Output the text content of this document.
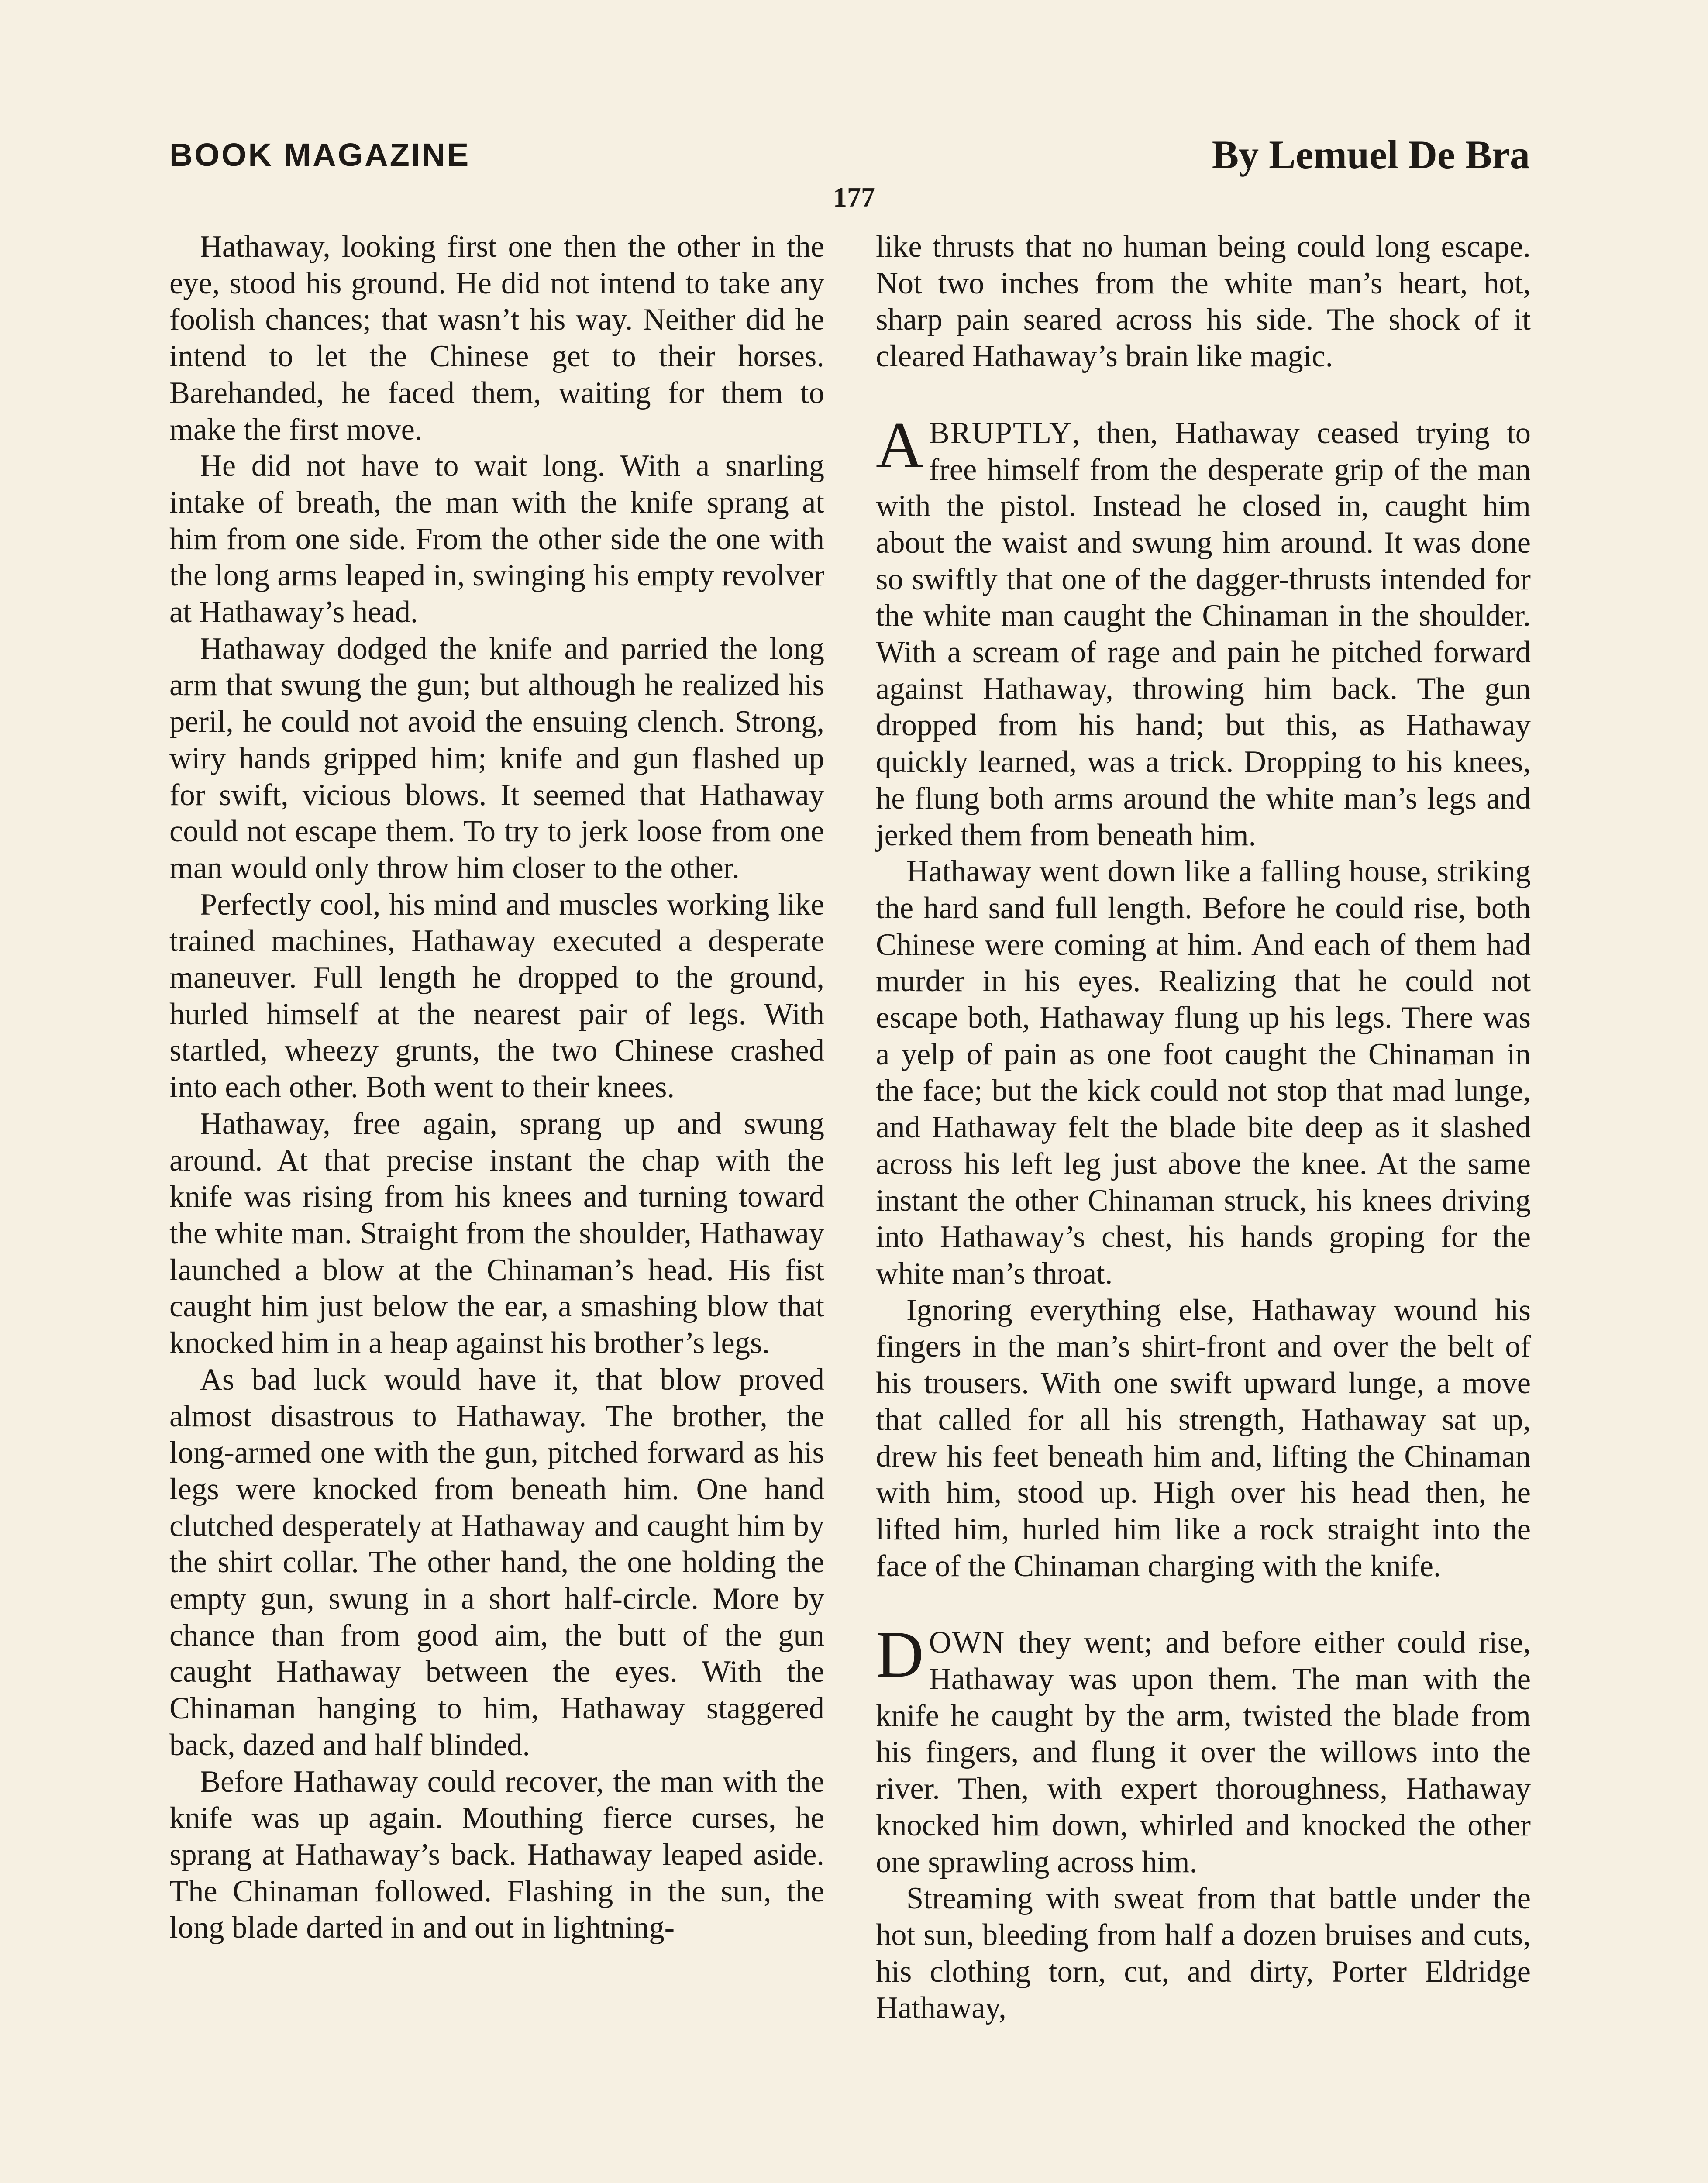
BOOK MAGAZINE	By Lemuel De Bra
177

Hathaway, looking first one then the other in the eye, stood his ground. He did not intend to take any foolish chances; that wasn’t his way. Neither did he intend to let the Chinese get to their horses. Barehanded, he faced them, waiting for them to make the first move.

He did not have to wait long. With a snarling intake of breath, the man with the knife sprang at him from one side. From the other side the one with the long arms leaped in, swinging his empty revolver at Hathaway’s head.

Hathaway dodged the knife and parried the long arm that swung the gun; but although he realized his peril, he could not avoid the ensuing clench. Strong, wiry hands gripped him; knife and gun flashed up for swift, vicious blows. It seemed that Hathaway could not escape them. To try to jerk loose from one man would only throw him closer to the other.

Perfectly cool, his mind and muscles working like trained machines, Hathaway executed a desperate maneuver. Full length he dropped to the ground, hurled himself at the nearest pair of legs. With startled, wheezy grunts, the two Chinese crashed into each other. Both went to their knees.

Hathaway, free again, sprang up and swung around. At that precise instant the chap with the knife was rising from his knees and turning toward the white man. Straight from the shoulder, Hathaway launched a blow at the Chinaman’s head. His fist caught him just below the ear, a smashing blow that knocked him in a heap against his brother’s legs.

As bad luck would have it, that blow proved almost disastrous to Hathaway. The brother, the long-armed one with the gun, pitched forward as his legs were knocked from beneath him. One hand clutched desperately at Hathaway and caught him by the shirt collar. The other hand, the one holding the empty gun, swung in a short half-circle. More by chance than from good aim, the butt of the gun caught Hathaway between the eyes. With the Chinaman hanging to him, Hathaway staggered back, dazed and half blinded.

Before Hathaway could recover, the man with the knife was up again. Mouthing fierce curses, he sprang at Hathaway’s back. Hathaway leaped aside. The Chinaman followed. Flashing in the sun, the long blade darted in and out in lightning-

like thrusts that no human being could long escape. Not two inches from the white man’s heart, hot, sharp pain seared across his side. The shock of it cleared Hathaway’s brain like magic.

ABRUPTLY, then, Hathaway ceased trying to free himself from the desperate grip of the man with the pistol. Instead he closed in, caught him about the waist and swung him around. It was done so swiftly that one of the dagger-thrusts intended for the white man caught the Chinaman in the shoulder. With a scream of rage and pain he pitched forward against Hathaway, throwing him back. The gun dropped from his hand; but this, as Hathaway quickly learned, was a trick. Dropping to his knees, he flung both arms around the white man’s legs and jerked them from beneath him.

Hathaway went down like a falling house, striking the hard sand full length. Before he could rise, both Chinese were coming at him. And each of them had murder in his eyes. Realizing that he could not escape both, Hathaway flung up his legs. There was a yelp of pain as one foot caught the Chinaman in the face; but the kick could not stop that mad lunge, and Hathaway felt the blade bite deep as it slashed across his left leg just above the knee. At the same instant the other Chinaman struck, his knees driving into Hathaway’s chest, his hands groping for the white man’s throat.

Ignoring everything else, Hathaway wound his fingers in the man’s shirt-front and over the belt of his trousers. With one swift upward lunge, a move that called for all his strength, Hathaway sat up, drew his feet beneath him and, lifting the Chinaman with him, stood up. High over his head then, he lifted him, hurled him like a rock straight into the face of the Chinaman charging with the knife.

DOWN they went; and before either could rise, Hathaway was upon them. The man with the knife he caught by the arm, twisted the blade from his fingers, and flung it over the willows into the river. Then, with expert thoroughness, Hathaway knocked him down, whirled and knocked the other one sprawling across him.

Streaming with sweat from that battle under the hot sun, bleeding from half a dozen bruises and cuts, his clothing torn, cut, and dirty, Porter Eldridge Hathaway,
